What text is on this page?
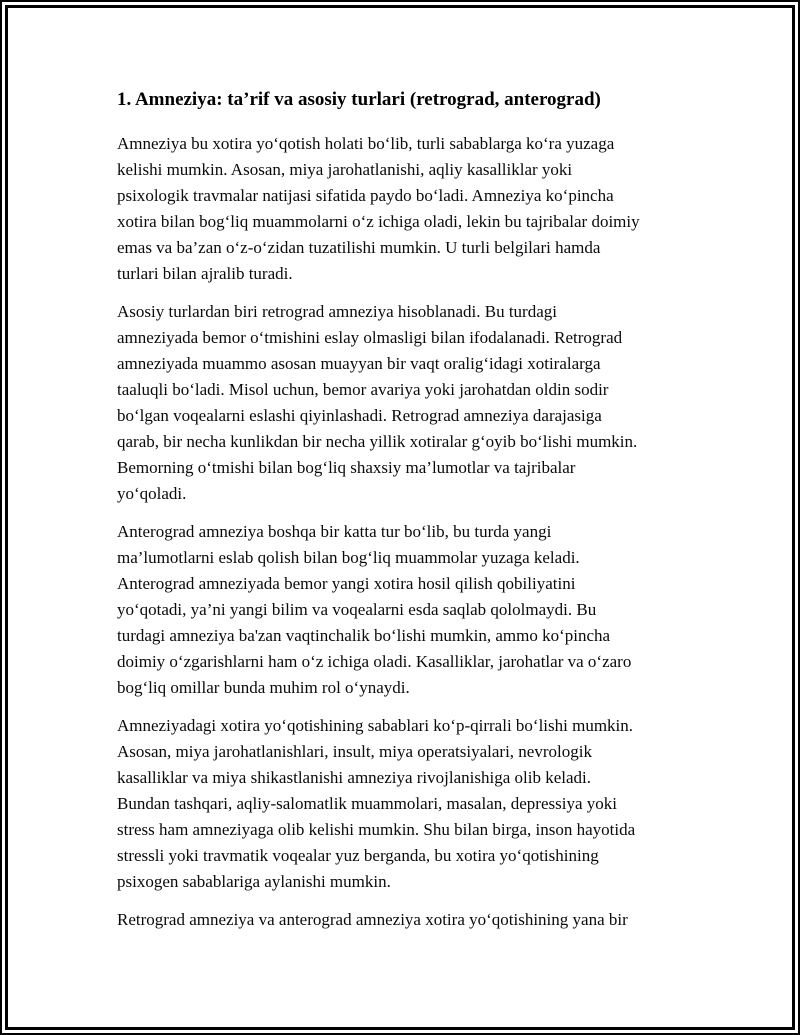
1. Amneziya: ta’rif va asosiy turlari (retrograd, anterograd)

Amneziya bu xotira yo‘qotish holati bo‘lib, turli sabablarga ko‘ra yuzaga
kelishi mumkin. Asosan, miya jarohatlanishi, aqliy kasalliklar yoki
psixologik travmalar natijasi sifatida paydo bo‘ladi. Amneziya ko‘pincha
xotira bilan bog‘liq muammolarni o‘z ichiga oladi, lekin bu tajribalar doimiy
emas va ba’zan o‘z-o‘zidan tuzatilishi mumkin. U turli belgilari hamda
turlari bilan ajralib turadi.

Asosiy turlardan biri retrograd amneziya hisoblanadi. Bu turdagi
amneziyada bemor o‘tmishini eslay olmasligi bilan ifodalanadi. Retrograd
amneziyada muammo asosan muayyan bir vaqt oralig‘idagi xotiralarga
taaluqli bo‘ladi. Misol uchun, bemor avariya yoki jarohatdan oldin sodir
bo‘lgan voqealarni eslashi qiyinlashadi. Retrograd amneziya darajasiga
qarab, bir necha kunlikdan bir necha yillik xotiralar g‘oyib bo‘lishi mumkin.
Bemorning o‘tmishi bilan bog‘liq shaxsiy ma’lumotlar va tajribalar
yo‘qoladi.

Anterograd amneziya boshqa bir katta tur bo‘lib, bu turda yangi
ma’lumotlarni eslab qolish bilan bog‘liq muammolar yuzaga keladi.
Anterograd amneziyada bemor yangi xotira hosil qilish qobiliyatini
yo‘qotadi, ya’ni yangi bilim va voqealarni esda saqlab qololmaydi. Bu
turdagi amneziya ba'zan vaqtinchalik bo‘lishi mumkin, ammo ko‘pincha
doimiy o‘zgarishlarni ham o‘z ichiga oladi. Kasalliklar, jarohatlar va o‘zaro
bog‘liq omillar bunda muhim rol o‘ynaydi.

Amneziyadagi xotira yo‘qotishining sabablari ko‘p-qirrali bo‘lishi mumkin.
Asosan, miya jarohatlanishlari, insult, miya operatsiyalari, nevrologik
kasalliklar va miya shikastlanishi amneziya rivojlanishiga olib keladi.
Bundan tashqari, aqliy-salomatlik muammolari, masalan, depressiya yoki
stress ham amneziyaga olib kelishi mumkin. Shu bilan birga, inson hayotida
stressli yoki travmatik voqealar yuz berganda, bu xotira yo‘qotishining
psixogen sabablariga aylanishi mumkin.

Retrograd amneziya va anterograd amneziya xotira yo‘qotishining yana bir
